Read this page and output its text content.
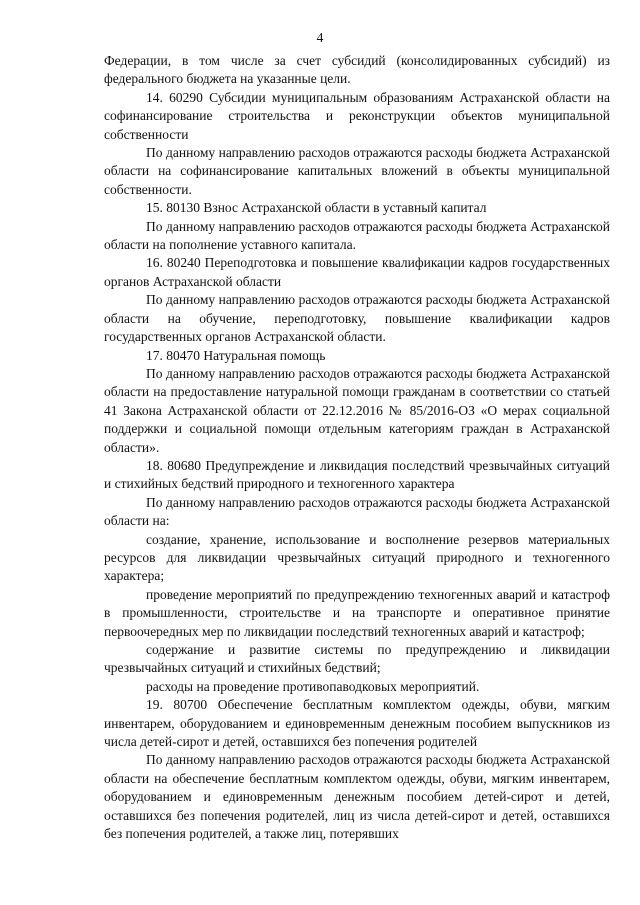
4

Федерации, в том числе за счет субсидий (консолидированных субсидий) из федерального бюджета на указанные цели.

14. 60290 Субсидии муниципальным образованиям Астраханской области на софинансирование строительства и реконструкции объектов муниципальной собственности

По данному направлению расходов отражаются расходы бюджета Астраханской области на софинансирование капитальных вложений в объекты муниципальной собственности.

15. 80130 Взнос Астраханской области в уставный капитал

По данному направлению расходов отражаются расходы бюджета Астраханской области на пополнение уставного капитала.

16. 80240 Переподготовка и повышение квалификации кадров государственных органов Астраханской области

По данному направлению расходов отражаются расходы бюджета Астраханской области на обучение, переподготовку, повышение квалификации кадров государственных органов Астраханской области.

17. 80470 Натуральная помощь

По данному направлению расходов отражаются расходы бюджета Астраханской области на предоставление натуральной помощи гражданам в соответствии со статьей 41 Закона Астраханской области от 22.12.2016 № 85/2016-ОЗ «О мерах социальной поддержки и социальной помощи отдельным категориям граждан в Астраханской области».

18. 80680 Предупреждение и ликвидация последствий чрезвычайных ситуаций и стихийных бедствий природного и техногенного характера

По данному направлению расходов отражаются расходы бюджета Астраханской области на:

создание, хранение, использование и восполнение резервов материальных ресурсов для ликвидации чрезвычайных ситуаций природного и техногенного характера;

проведение мероприятий по предупреждению техногенных аварий и катастроф в промышленности, строительстве и на транспорте и оперативное принятие первоочередных мер по ликвидации последствий техногенных аварий и катастроф;

содержание и развитие системы по предупреждению и ликвидации чрезвычайных ситуаций и стихийных бедствий;

расходы на проведение противопаводковых мероприятий.

19. 80700 Обеспечение бесплатным комплектом одежды, обуви, мягким инвентарем, оборудованием и единовременным денежным пособием выпускников из числа детей-сирот и детей, оставшихся без попечения родителей

По данному направлению расходов отражаются расходы бюджета Астраханской области на обеспечение бесплатным комплектом одежды, обуви, мягким инвентарем, оборудованием и единовременным денежным пособием детей-сирот и детей, оставшихся без попечения родителей, лиц из числа детей-сирот и детей, оставшихся без попечения родителей, а также лиц, потерявших
